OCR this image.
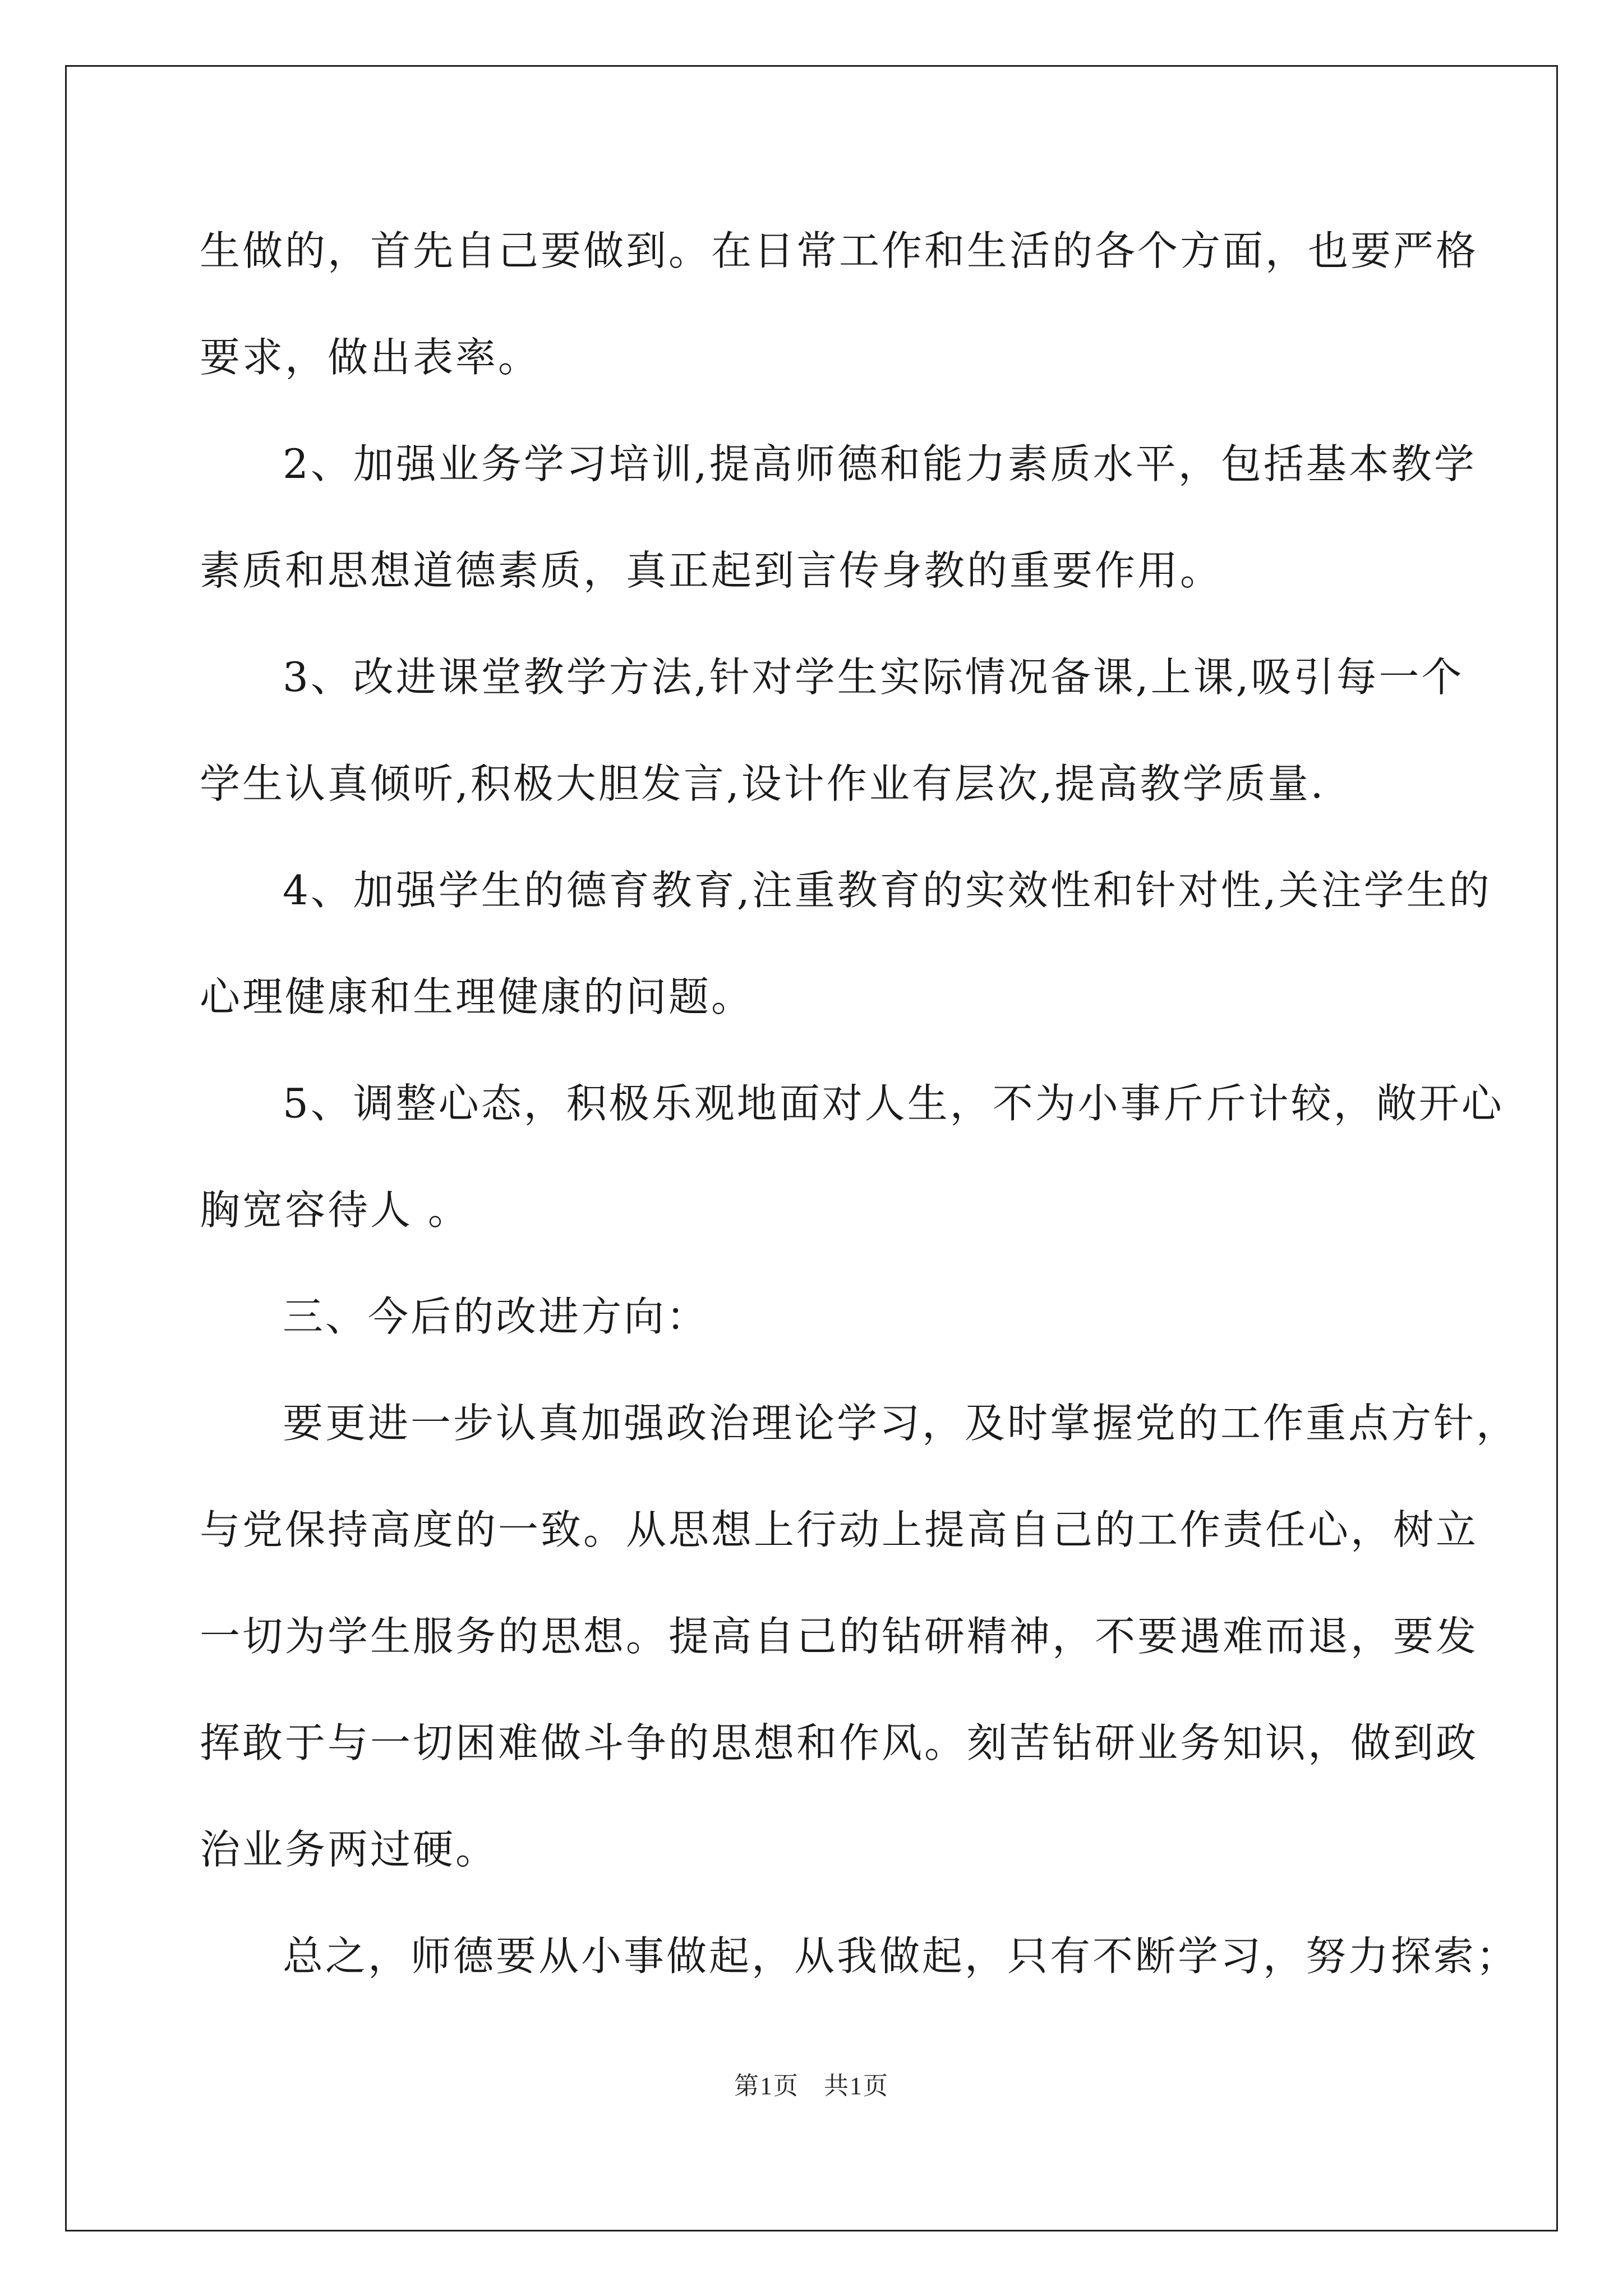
生做的，首先自己要做到。在日常工作和生活的各个方面，也要严格
要求，做出表率。
2、加强业务学习培训,提高师德和能力素质水平，包括基本教学
素质和思想道德素质，真正起到言传身教的重要作用。
3、改进课堂教学方法,针对学生实际情况备课,上课,吸引每一个
学生认真倾听,积极大胆发言,设计作业有层次,提高教学质量.
4、加强学生的德育教育,注重教育的实效性和针对性,关注学生的
心理健康和生理健康的问题。
5、调整心态，积极乐观地面对人生，不为小事斤斤计较，敞开心
胸宽容待人 。
三、今后的改进方向：
要更进一步认真加强政治理论学习，及时掌握党的工作重点方针，
与党保持高度的一致。从思想上行动上提高自己的工作责任心，树立
一切为学生服务的思想。提高自己的钻研精神，不要遇难而退，要发
挥敢于与一切困难做斗争的思想和作风。刻苦钻研业务知识，做到政
治业务两过硬。
总之，师德要从小事做起，从我做起，只有不断学习，努力探索；
第1页 共1页
